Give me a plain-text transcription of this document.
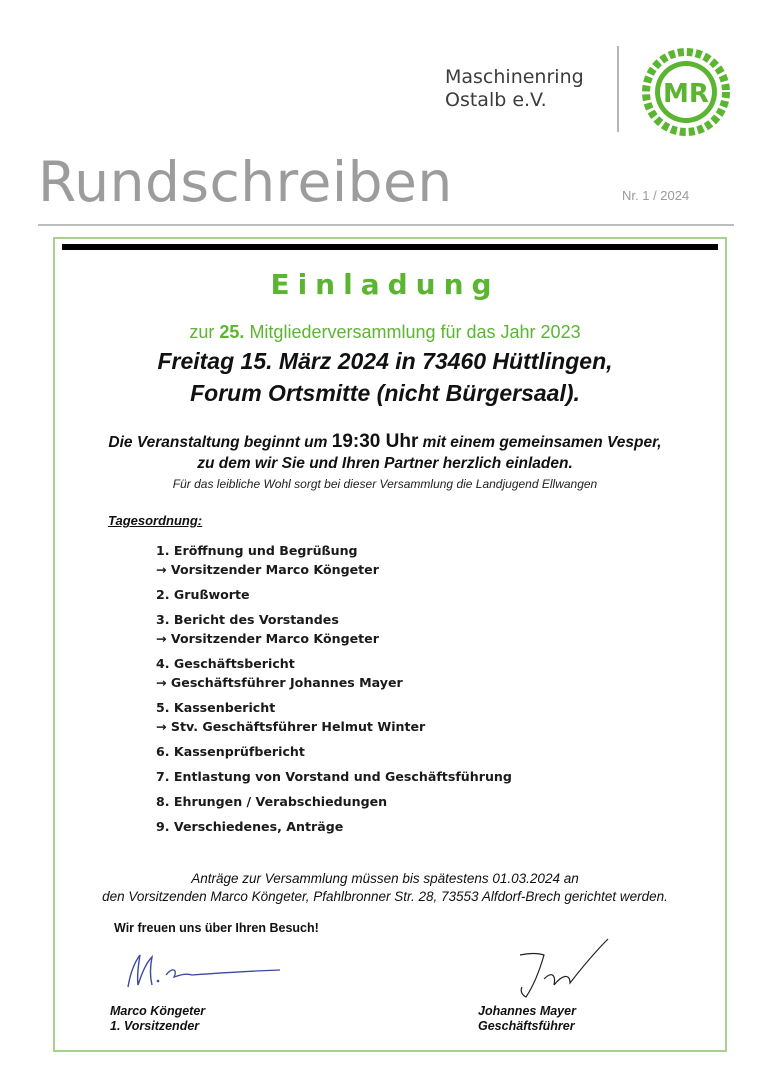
Maschinenring
Ostalb e.V.	MR
Rundschreiben	Nr. 1 / 2024
Einladung
zur 25. Mitgliederversammlung für das Jahr 2023
Freitag 15. März 2024 in 73460 Hüttlingen,
Forum Ortsmitte (nicht Bürgersaal).
Die Veranstaltung beginnt um 19:30 Uhr mit einem gemeinsamen Vesper,
zu dem wir Sie und Ihren Partner herzlich einladen.
Für das leibliche Wohl sorgt bei dieser Versammlung die Landjugend Ellwangen
Tagesordnung:
1. Eröffnung und Begrüßung
→ Vorsitzender Marco Köngeter
2. Grußworte
3. Bericht des Vorstandes
→ Vorsitzender Marco Köngeter
4. Geschäftsbericht
→ Geschäftsführer Johannes Mayer
5. Kassenbericht
→ Stv. Geschäftsführer Helmut Winter
6. Kassenprüfbericht
7. Entlastung von Vorstand und Geschäftsführung
8. Ehrungen / Verabschiedungen
9. Verschiedenes, Anträge
Anträge zur Versammlung müssen bis spätestens 01.03.2024 an
den Vorsitzenden Marco Köngeter, Pfahlbronner Str. 28, 73553 Alfdorf-Brech gerichtet werden.
Wir freuen uns über Ihren Besuch!
Marco Köngeter
1. Vorsitzender
Johannes Mayer
Geschäftsführer
